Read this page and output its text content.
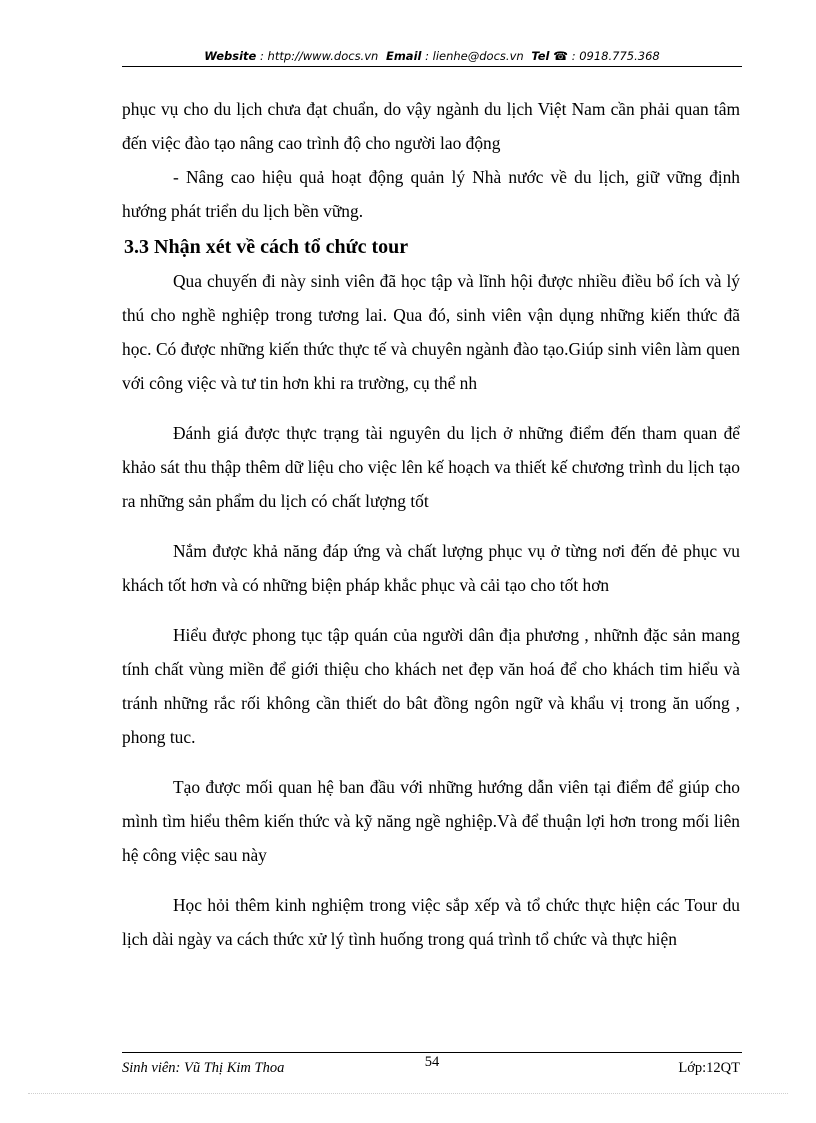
Website : http://www.docs.vn Email : lienhe@docs.vn Tel ☎ : 0918.775.368

phục vụ cho du lịch chưa đạt chuẩn, do vậy ngành du lịch Việt Nam cần phải quan tâm đến việc đào tạo nâng cao trình độ cho người lao động

- Nâng cao hiệu quả hoạt động quản lý Nhà nước về du lịch, giữ vững định hướng phát triển du lịch bền vững.

3.3 Nhận xét về cách tổ chức tour

Qua chuyến đi này sinh viên đã học tập và lĩnh hội được nhiều điều bổ ích và lý thú cho nghề nghiệp trong tương lai. Qua đó, sinh viên vận dụng những kiến thức đã học. Có được những kiến thức thực tế và chuyên ngành đào tạo.Giúp sinh viên làm quen với công việc và tư tin hơn khi ra trường, cụ thể nh

Đánh giá được thực trạng tài nguyên du lịch ở những điểm đến tham quan để khảo sát thu thập thêm dữ liệu cho việc lên kế hoạch va thiết kế chương trình du lịch tạo ra những sản phẩm du lịch có chất lượng tốt

Nắm được khả năng đáp ứng và chất lượng phục vụ ở từng nơi đến đẻ phục vu khách tốt hơn và có những biện pháp khắc phục và cải tạo cho tốt hơn

Hiểu được phong tục tập quán của người dân địa phương , nhữnh đặc sản mang tính chất vùng miền để giới thiệu cho khách net đẹp văn hoá để cho khách tim hiểu và tránh những rắc rối không cần thiết do bât đồng ngôn ngữ và khẩu vị trong ăn uống , phong tuc.

Tạo được mối quan hệ ban đầu với những hướng dẫn viên tại điểm để giúp cho mình tìm hiểu thêm kiến thức và kỹ năng ngề nghiệp.Và để thuận lợi hơn trong mối liên hệ công việc sau này

Học hỏi thêm kinh nghiệm trong việc sắp xếp và tổ chức thực hiện các Tour du lịch dài ngày va cách thức xử lý tình huống trong quá trình tổ chức và thực hiện

Sinh viên: Vũ Thị Kim Thoa	54	Lớp:12QT
